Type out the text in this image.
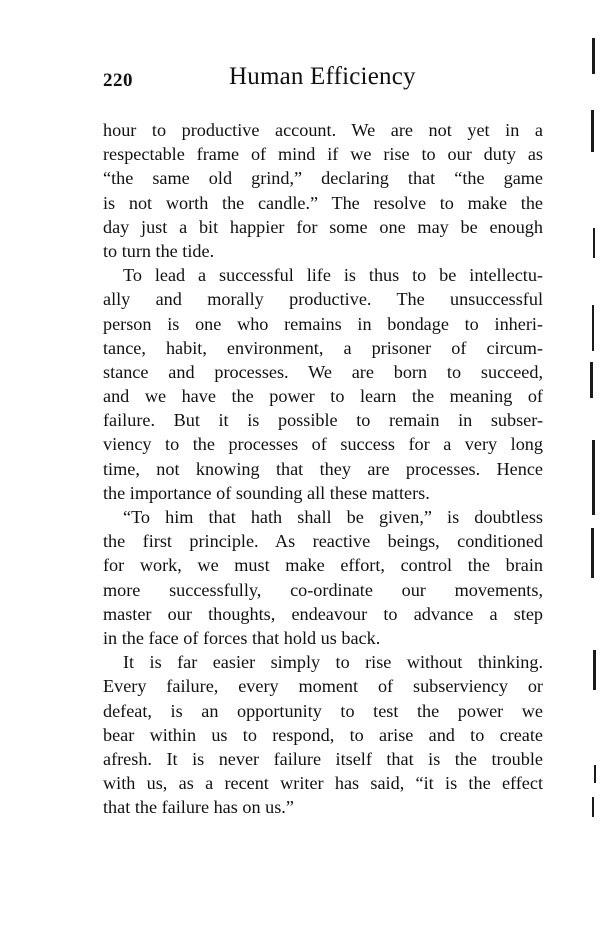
220	Human Efficiency
hour to productive account. We are not yet in a
respectable frame of mind if we rise to our duty as
“the same old grind,” declaring that “the game
is not worth the candle.” The resolve to make the
day just a bit happier for some one may be enough
to turn the tide.
To lead a successful life is thus to be intellectu-
ally and morally productive. The unsuccessful
person is one who remains in bondage to inheri-
tance, habit, environment, a prisoner of circum-
stance and processes. We are born to succeed,
and we have the power to learn the meaning of
failure. But it is possible to remain in subser-
viency to the processes of success for a very long
time, not knowing that they are processes. Hence
the importance of sounding all these matters.
“To him that hath shall be given,” is doubtless
the first principle. As reactive beings, conditioned
for work, we must make effort, control the brain
more successfully, co-ordinate our movements,
master our thoughts, endeavour to advance a step
in the face of forces that hold us back.
It is far easier simply to rise without thinking.
Every failure, every moment of subserviency or
defeat, is an opportunity to test the power we
bear within us to respond, to arise and to create
afresh. It is never failure itself that is the trouble
with us, as a recent writer has said, “it is the effect
that the failure has on us.”
